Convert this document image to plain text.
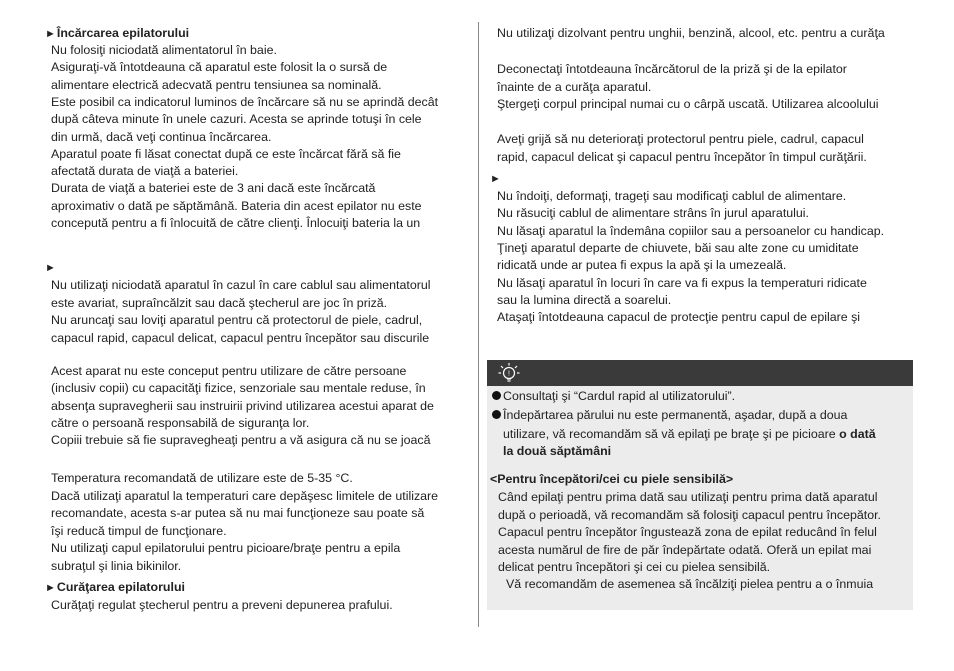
►Încărcarea epilatorului
Nu folosiţi niciodată alimentatorul în baie.
Asiguraţi-vă întotdeauna că aparatul este folosit la o sursă de
alimentare electrică adecvată pentru tensiunea sa nominală.
Este posibil ca indicatorul luminos de încărcare să nu se aprindă decât
după câteva minute în unele cazuri. Acesta se aprinde totuşi în cele
din urmă, dacă veţi continua încărcarea.
Aparatul poate fi lăsat conectat după ce este încărcat fără să fie
afectată durata de viaţă a bateriei.
Durata de viaţă a bateriei este de 3 ani dacă este încărcată
aproximativ o dată pe săptămână. Bateria din acest epilator nu este
concepută pentru a fi înlocuită de către clienţi. Înlocuiţi bateria la un
►
Nu utilizaţi niciodată aparatul în cazul în care cablul sau alimentatorul
este avariat, supraîncălzit sau dacă ştecherul are joc în priză.
Nu aruncaţi sau loviţi aparatul pentru că protectorul de piele, cadrul,
capacul rapid, capacul delicat, capacul pentru începător sau discurile
Acest aparat nu este conceput pentru utilizare de către persoane
(inclusiv copii) cu capacităţi fizice, senzoriale sau mentale reduse, în
absenţa supravegherii sau instruirii privind utilizarea acestui aparat de
către o persoană responsabilă de siguranţa lor.
Copiii trebuie să fie supravegheaţi pentru a vă asigura că nu se joacă
Temperatura recomandată de utilizare este de 5-35 °C.
Dacă utilizaţi aparatul la temperaturi care depăşesc limitele de utilizare
recomandate, acesta s-ar putea să nu mai funcţioneze sau poate să
îşi reducă timpul de funcţionare.
Nu utilizaţi capul epilatorului pentru picioare/braţe pentru a epila
subraţul şi linia bikinilor.
►Curăţarea epilatorului
Curăţaţi regulat ştecherul pentru a preveni depunerea prafului.
Nu utilizaţi dizolvant pentru unghii, benzină, alcool, etc. pentru a curăţa
Deconectaţi întotdeauna încărcătorul de la priză şi de la epilator
înainte de a curăţa aparatul.
Ştergeţi corpul principal numai cu o cârpă uscată. Utilizarea alcoolului
Aveţi grijă să nu deterioraţi protectorul pentru piele, cadrul, capacul
rapid, capacul delicat şi capacul pentru începător în timpul curăţării.
►
Nu îndoiţi, deformaţi, trageţi sau modificaţi cablul de alimentare.
Nu răsuciţi cablul de alimentare strâns în jurul aparatului.
Nu lăsaţi aparatul la îndemâna copiilor sau a persoanelor cu handicap.
Ţineţi aparatul departe de chiuvete, băi sau alte zone cu umiditate
ridicată unde ar putea fi expus la apă şi la umezeală.
Nu lăsaţi aparatul în locuri în care va fi expus la temperaturi ridicate
sau la lumina directă a soarelui.
Ataşaţi întotdeauna capacul de protecţie pentru capul de epilare şi
!
Consultaţi şi “Cardul rapid al utilizatorului”.
Îndepărtarea părului nu este permanentă, aşadar, după a doua
utilizare, vă recomandăm să vă epilaţi pe braţe şi pe picioare o dată
la două săptămâni
<Pentru începători/cei cu piele sensibilă>
Când epilaţi pentru prima dată sau utilizaţi pentru prima dată aparatul
după o perioadă, vă recomandăm să folosiţi capacul pentru începător.
Capacul pentru începător îngustează zona de epilat reducând în felul
acesta numărul de fire de păr îndepărtate odată. Oferă un epilat mai
delicat pentru începători şi cei cu pielea sensibilă.
Vă recomandăm de asemenea să încălziţi pielea pentru a o înmuia
